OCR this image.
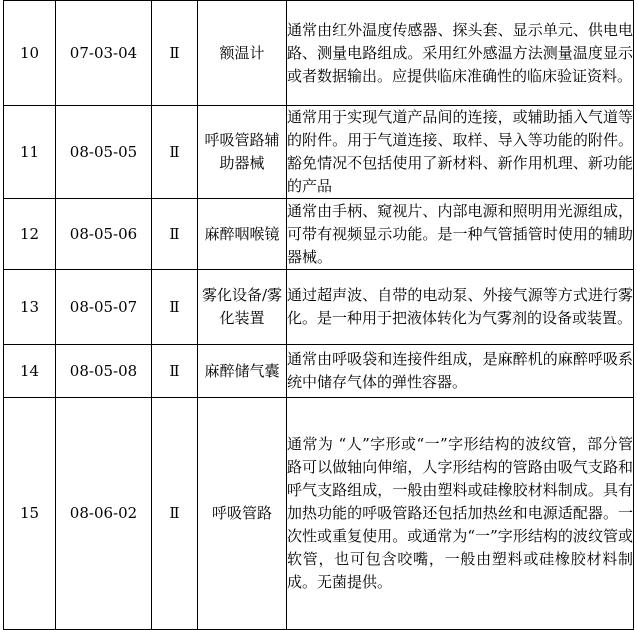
10	07-03-04	Ⅱ	额温计	通常由红外温度传感器、探头套、显示单元、供电电路、测量电路组成。采用红外感温方法测量温度显示或者数据输出。应提供临床准确性的临床验证资料。
11	08-05-05	Ⅱ	呼吸管路辅助器械	通常用于实现气道产品间的连接，或辅助插入气道等的附件。用于气道连接、取样、导入等功能的附件。豁免情况不包括使用了新材料、新作用机理、新功能的产品
12	08-05-06	Ⅱ	麻醉咽喉镜	通常由手柄、窥视片、内部电源和照明用光源组成，可带有视频显示功能。是一种气管插管时使用的辅助器械。
13	08-05-07	Ⅱ	雾化设备/雾化装置	通过超声波、自带的电动泵、外接气源等方式进行雾化。是一种用于把液体转化为气雾剂的设备或装置。
14	08-05-08	Ⅱ	麻醉储气囊	通常由呼吸袋和连接件组成，是麻醉机的麻醉呼吸系统中储存气体的弹性容器。
15	08-06-02	Ⅱ	呼吸管路	通常为 “人”字形或“一”字形结构的波纹管，部分管路可以做轴向伸缩，人字形结构的管路由吸气支路和呼气支路组成，一般由塑料或硅橡胶材料制成。具有加热功能的呼吸管路还包括加热丝和电源适配器。一次性或重复使用。或通常为“一”字形结构的波纹管或软管，也可包含咬嘴，一般由塑料或硅橡胶材料制成。无菌提供。
